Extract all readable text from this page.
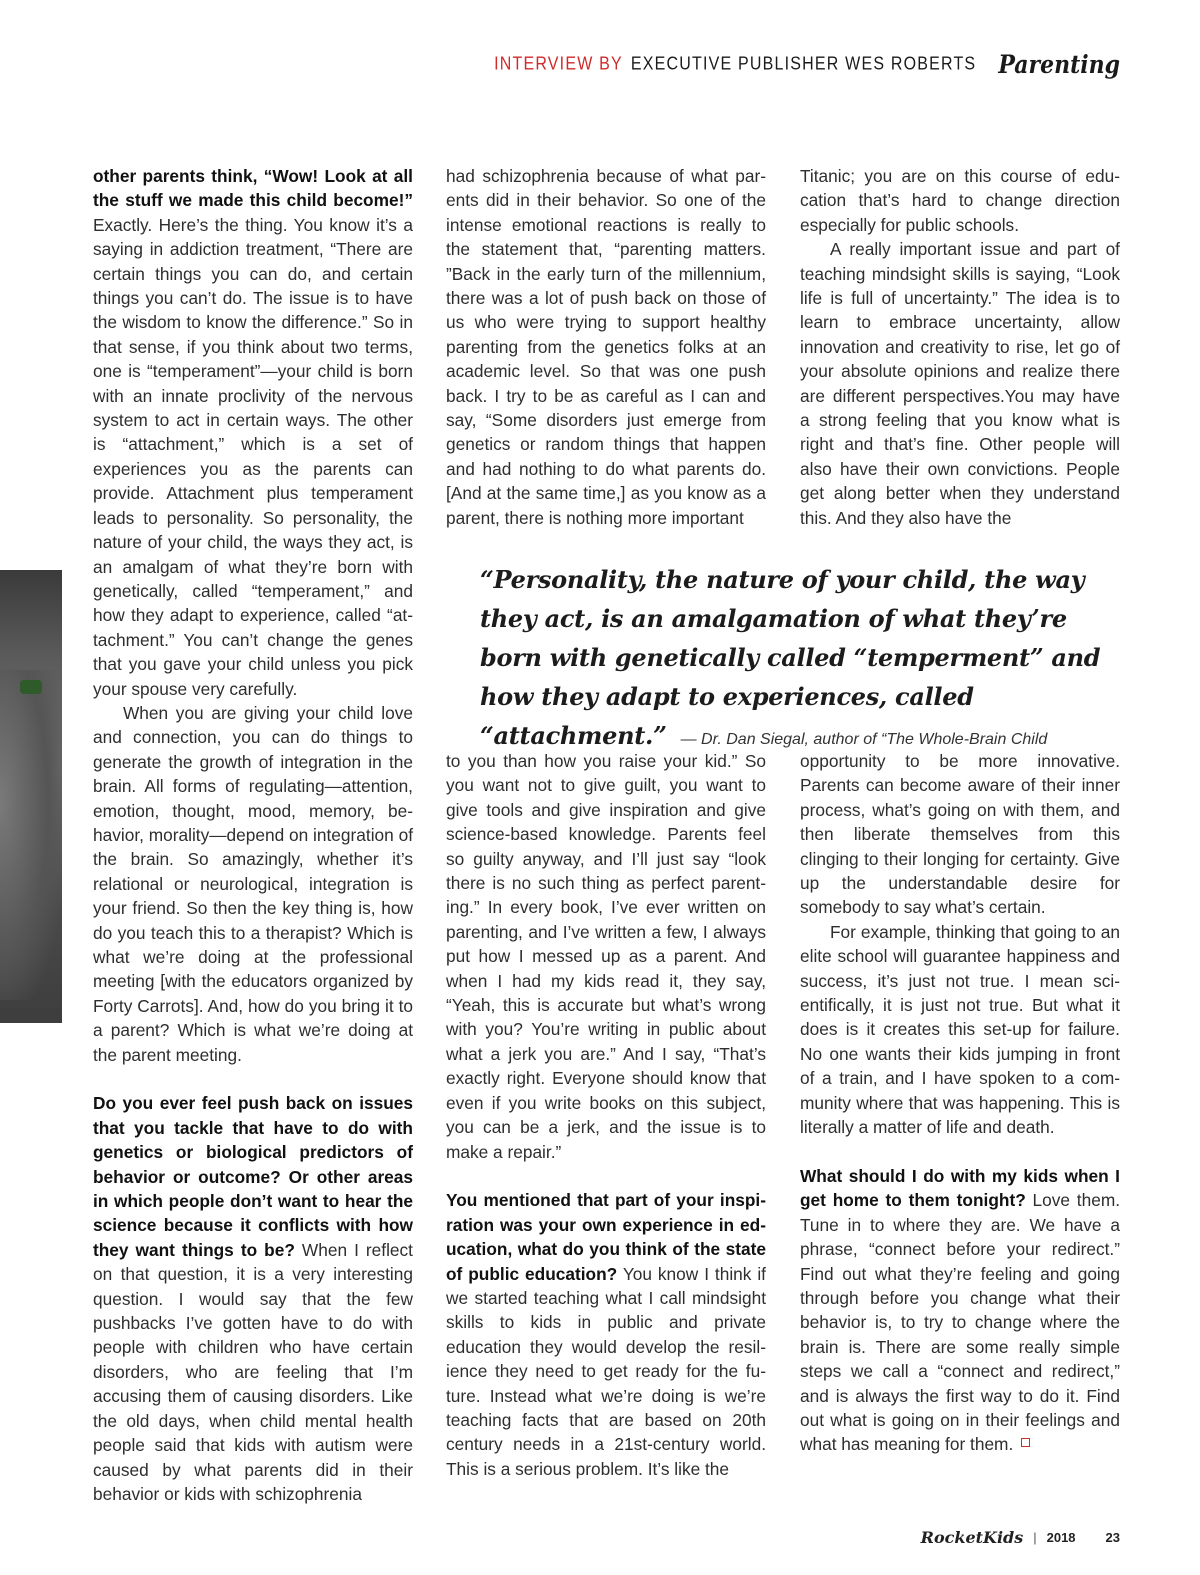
INTERVIEW BY EXECUTIVE PUBLISHER WES ROBERTS Parenting

other parents think, “Wow! Look at all the stuff we made this child become!” Exactly. Here’s the thing. You know it’s a saying in addiction treatment, “There are certain things you can do, and certain things you can’t do. The issue is to have the wisdom to know the difference.” So in that sense, if you think about two terms, one is “temperament”—your child is born with an innate proclivity of the nervous system to act in certain ways. The other is “attachment,” which is a set of experiences you as the parents can provide. Attachment plus temperament leads to personality. So personality, the nature of your child, the ways they act, is an amalgam of what they’re born with genetically, called “temperament,” and how they adapt to experience, called “attachment.” You can’t change the genes that you gave your child unless you pick your spouse very carefully.

When you are giving your child love and connection, you can do things to generate the growth of integration in the brain. All forms of regulating—attention, emotion, thought, mood, memory, behavior, morality—depend on integration of the brain. So amazingly, whether it’s relational or neurological, integration is your friend. So then the key thing is, how do you teach this to a therapist? Which is what we’re doing at the professional meeting [with the educators organized by Forty Carrots]. And, how do you bring it to a parent? Which is what we’re doing at the parent meeting.

Do you ever feel push back on issues that you tackle that have to do with genetics or biological predictors of behavior or outcome? Or other areas in which people don’t want to hear the science because it conflicts with how they want things to be? When I reflect on that question, it is a very interesting question. I would say that the few pushbacks I’ve gotten have to do with people with children who have certain disorders, who are feeling that I’m accusing them of causing disorders. Like the old days, when child mental health people said that kids with autism were caused by what parents did in their behavior or kids with schizophrenia

had schizophrenia because of what parents did in their behavior. So one of the intense emotional reactions is really to the statement that, “parenting matters. ”Back in the early turn of the millennium, there was a lot of push back on those of us who were trying to support healthy parenting from the genetics folks at an academic level. So that was one push back. I try to be as careful as I can and say, “Some disorders just emerge from genetics or random things that happen and had nothing to do what parents do. [And at the same time,] as you know as a parent, there is nothing more important

Titanic; you are on this course of education that’s hard to change direction especially for public schools.

A really important issue and part of teaching mindsight skills is saying, “Look life is full of uncertainty.” The idea is to learn to embrace uncertainty, allow innovation and creativity to rise, let go of your absolute opinions and realize there are different perspectives.You may have a strong feeling that you know what is right and that’s fine. Other people will also have their own convictions. People get along better when they understand this. And they also have the

“Personality, the nature of your child, the way they act, is an amalgamation of what they’re born with genetically called “temperment” and how they adapt to experiences, called “attachment.” — Dr. Dan Siegal, author of “The Whole-Brain Child

to you than how you raise your kid.” So you want not to give guilt, you want to give tools and give inspiration and give science-based knowledge. Parents feel so guilty anyway, and I’ll just say “look there is no such thing as perfect parenting.” In every book, I’ve ever written on parenting, and I’ve written a few, I always put how I messed up as a parent. And when I had my kids read it, they say, “Yeah, this is accurate but what’s wrong with you? You’re writing in public about what a jerk you are.” And I say, “That’s exactly right. Everyone should know that even if you write books on this subject, you can be a jerk, and the issue is to make a repair.”

You mentioned that part of your inspiration was your own experience in education, what do you think of the state of public education? You know I think if we started teaching what I call mindsight skills to kids in public and private education they would develop the resilience they need to get ready for the future. Instead what we’re doing is we’re teaching facts that are based on 20th century needs in a 21st-century world. This is a serious problem. It’s like the

opportunity to be more innovative. Parents can become aware of their inner process, what’s going on with them, and then liberate themselves from this clinging to their longing for certainty. Give up the understandable desire for somebody to say what’s certain.

For example, thinking that going to an elite school will guarantee happiness and success, it’s just not true. I mean scientifically, it is just not true. But what it does is it creates this set-up for failure. No one wants their kids jumping in front of a train, and I have spoken to a community where that was happening. This is literally a matter of life and death.

What should I do with my kids when I get home to them tonight? Love them. Tune in to where they are. We have a phrase, “connect before your redirect.” Find out what they’re feeling and going through before you change what their behavior is, to try to change where the brain is. There are some really simple steps we call a “connect and redirect,” and is always the first way to do it. Find out what is going on in their feelings and what has meaning for them.

RocketKids | 2018 23
